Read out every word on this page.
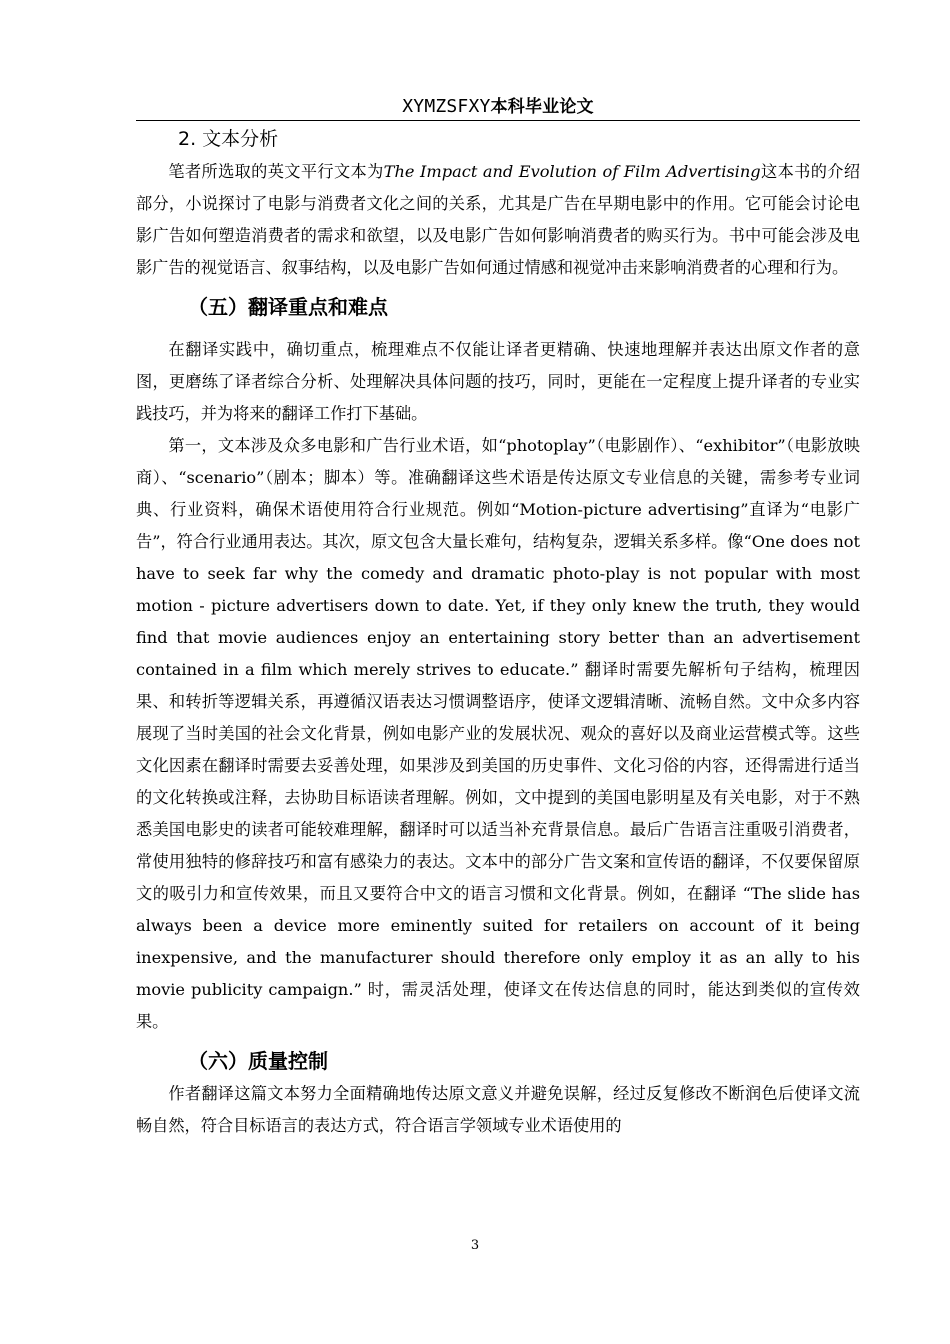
XYMZSFXY本科毕业论文
2. 文本分析

笔者所选取的英文平行文本为The Impact and Evolution of Film Advertising这本书的介绍部分，小说探讨了电影与消费者文化之间的关系，尤其是广告在早期电影中的作用。它可能会讨论电影广告如何塑造消费者的需求和欲望，以及电影广告如何影响消费者的购买行为。书中可能会涉及电影广告的视觉语言、叙事结构，以及电影广告如何通过情感和视觉冲击来影响消费者的心理和行为。

（五）翻译重点和难点

在翻译实践中，确切重点，梳理难点不仅能让译者更精确、快速地理解并表达出原文作者的意图，更磨练了译者综合分析、处理解决具体问题的技巧，同时，更能在一定程度上提升译者的专业实践技巧，并为将来的翻译工作打下基础。

第一，文本涉及众多电影和广告行业术语，如“photoplay”（电影剧作）、“exhibitor”（电影放映商）、“scenario”（剧本；脚本）等。准确翻译这些术语是传达原文专业信息的关键，需参考专业词典、行业资料，确保术语使用符合行业规范。例如“Motion-picture advertising”直译为“电影广告”，符合行业通用表达。其次，原文包含大量长难句，结构复杂，逻辑关系多样。像“One does not have to seek far why the comedy and dramatic photo-play is not popular with most motion - picture advertisers down to date. Yet, if they only knew the truth, they would find that movie audiences enjoy an entertaining story better than an advertisement contained in a film which merely strives to educate.” 翻译时需要先解析句子结构，梳理因果、和转折等逻辑关系，再遵循汉语表达习惯调整语序，使译文逻辑清晰、流畅自然。文中众多内容展现了当时美国的社会文化背景，例如电影产业的发展状况、观众的喜好以及商业运营模式等。这些文化因素在翻译时需要去妥善处理，如果涉及到美国的历史事件、文化习俗的内容，还得需进行适当的文化转换或注释，去协助目标语读者理解。例如，文中提到的美国电影明星及有关电影，对于不熟悉美国电影史的读者可能较难理解，翻译时可以适当补充背景信息。最后广告语言注重吸引消费者，常使用独特的修辞技巧和富有感染力的表达。文本中的部分广告文案和宣传语的翻译，不仅要保留原文的吸引力和宣传效果，而且又要符合中文的语言习惯和文化背景。例如，在翻译 “The slide has always been a device more eminently suited for retailers on account of it being inexpensive, and the manufacturer should therefore only employ it as an ally to his movie publicity campaign.” 时，需灵活处理，使译文在传达信息的同时，能达到类似的宣传效果。

（六）质量控制

作者翻译这篇文本努力全面精确地传达原文意义并避免误解，经过反复修改不断润色后使译文流畅自然，符合目标语言的表达方式，符合语言学领域专业术语使用的

3
